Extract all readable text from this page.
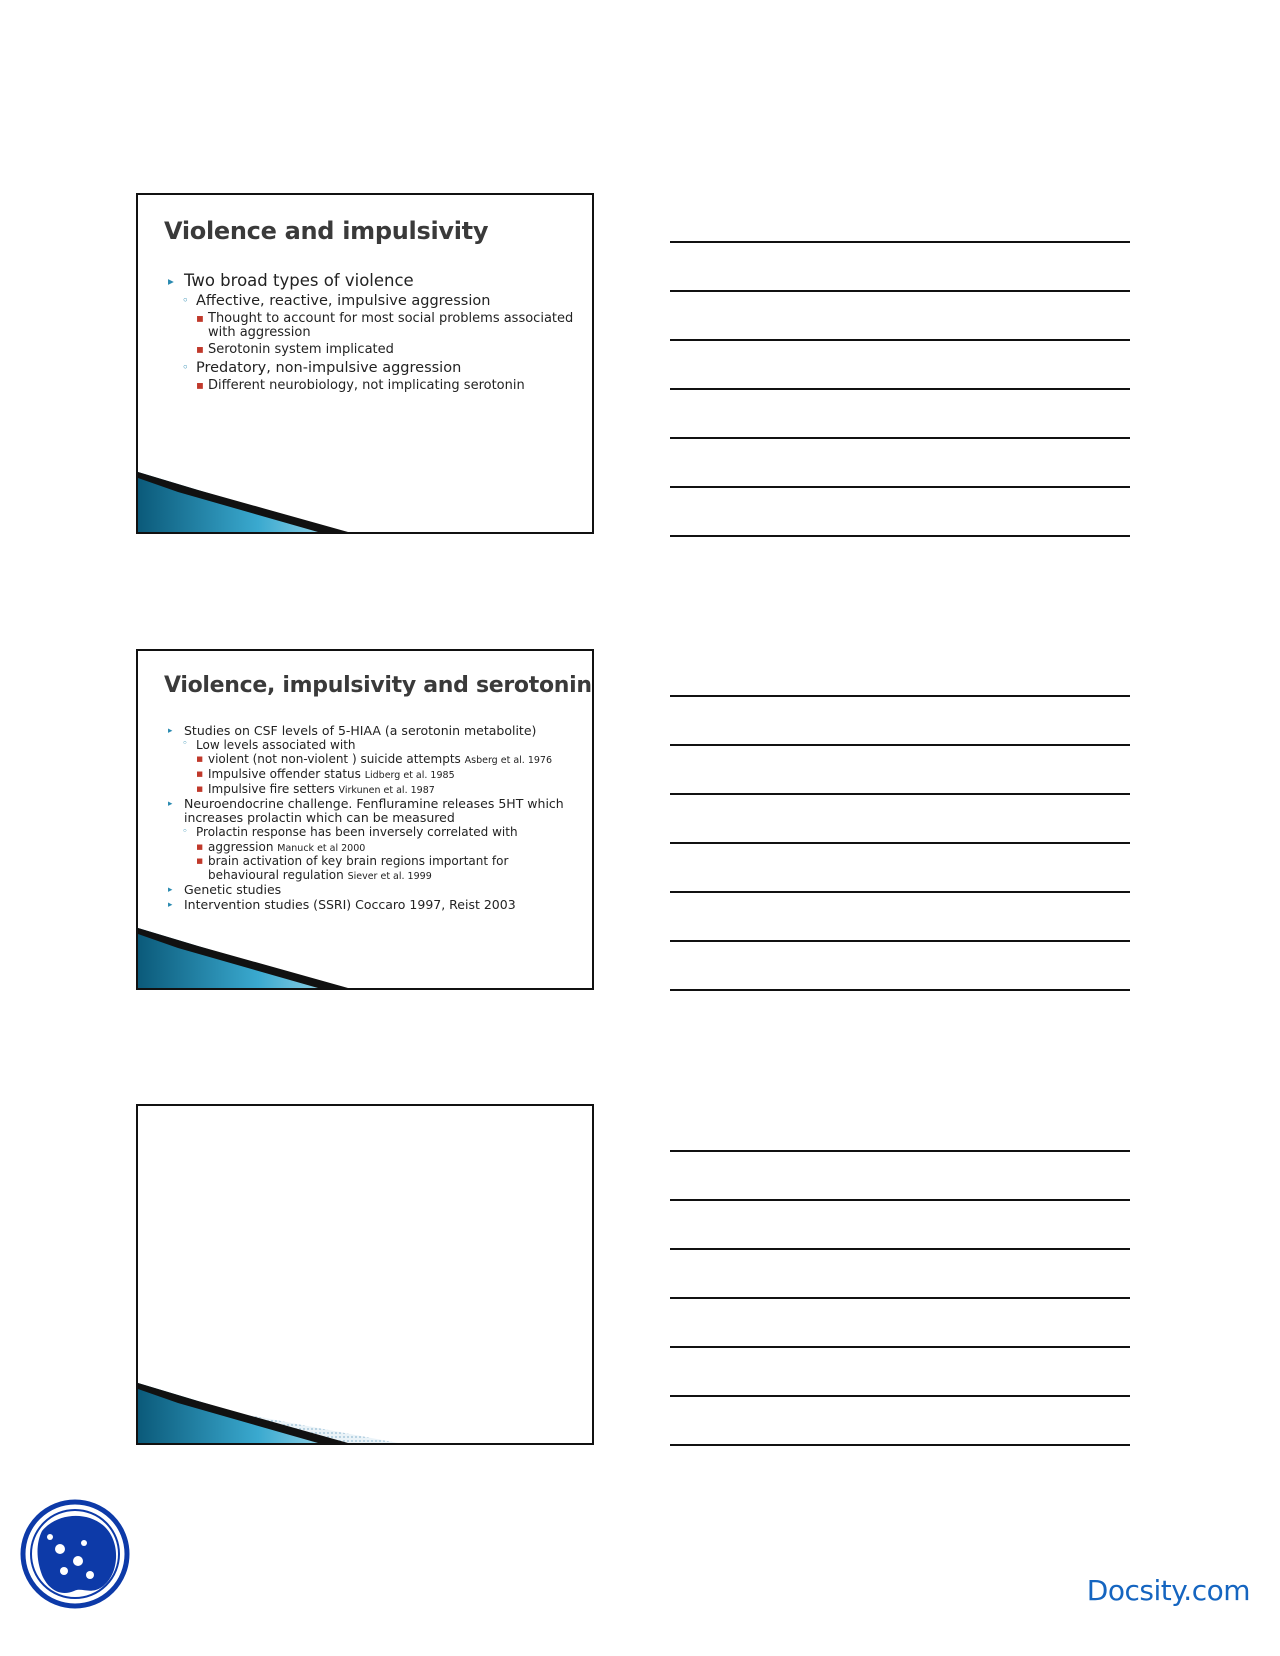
Violence and impulsivity
▸ Two broad types of violence
◦ Affective, reactive, impulsive aggression
▪ Thought to account for most social problems associated with aggression
▪ Serotonin system implicated
◦ Predatory, non-impulsive aggression
▪ Different neurobiology, not implicating serotonin
Violence, impulsivity and serotonin
▸ Studies on CSF levels of 5-HIAA (a serotonin metabolite)
◦ Low levels associated with
▪ violent (not non-violent ) suicide attempts Asberg et al. 1976
▪ Impulsive offender status Lidberg et al. 1985
▪ Impulsive fire setters Virkunen et al. 1987
▸ Neuroendocrine challenge. Fenfluramine releases 5HT which increases prolactin which can be measured
◦ Prolactin response has been inversely correlated with
▪ aggression Manuck et al 2000
▪ brain activation of key brain regions important for behavioural regulation Siever et al. 1999
▸ Genetic studies
▸ Intervention studies (SSRI) Coccaro 1997, Reist 2003
Docsity.com
